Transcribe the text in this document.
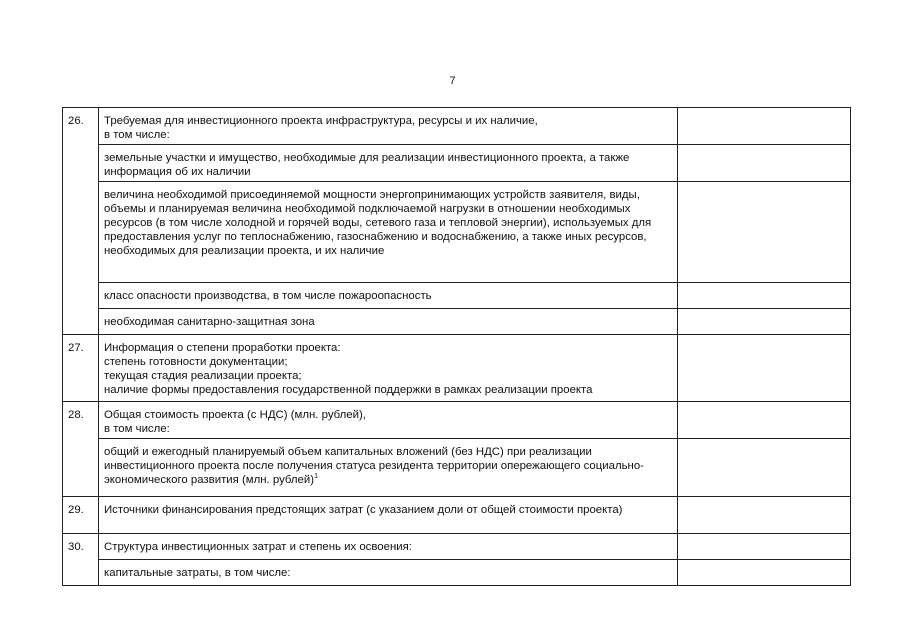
7
26.	Требуемая для инвестиционного проекта инфраструктура, ресурсы и их наличие,
в том числе:	
	земельные участки и имущество, необходимые для реализации инвестиционного проекта, а также информация об их наличии	
	величина необходимой присоединяемой мощности энергопринимающих устройств заявителя, виды, объемы и планируемая величина необходимой подключаемой нагрузки в отношении необходимых ресурсов (в том числе холодной и горячей воды, сетевого газа и тепловой энергии), используемых для предоставления услуг по теплоснабжению, газоснабжению и водоснабжению, а также иных ресурсов, необходимых для реализации проекта, и их наличие	
	класс опасности производства, в том числе пожароопасность	
	необходимая санитарно-защитная зона	
27.	Информация о степени проработки проекта:
степень готовности документации;
текущая стадия реализации проекта;
наличие формы предоставления государственной поддержки в рамках реализации проекта	
28.	Общая стоимость проекта (с НДС) (млн. рублей),
в том числе:	
	общий и ежегодный планируемый объем капитальных вложений (без НДС) при реализации инвестиционного проекта после получения статуса резидента территории опережающего социально-экономического развития (млн. рублей)$^1$	
29.	Источники финансирования предстоящих затрат (с указанием доли от общей стоимости проекта)	
30.	Структура инвестиционных затрат и степень их освоения:	
	капитальные затраты, в том числе:	
